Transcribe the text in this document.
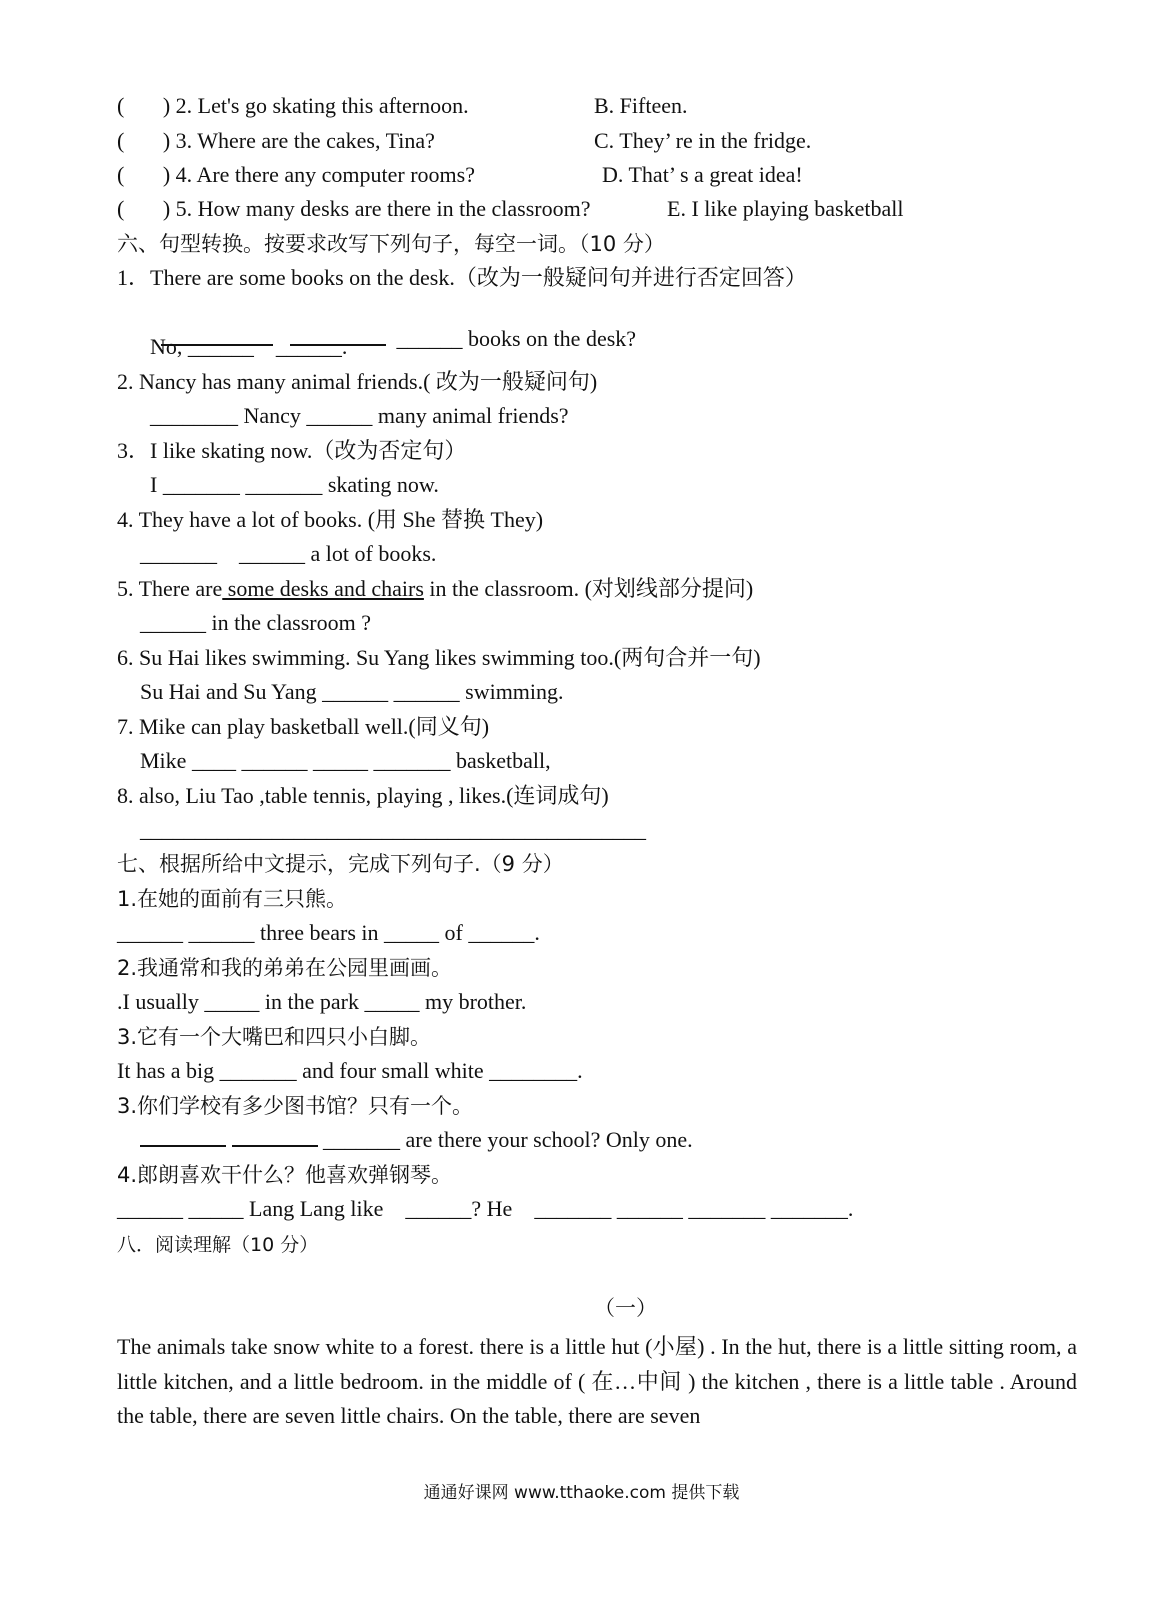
(       ) 2. Let's go skating this afternoon.	B. Fifteen.
(       ) 3. Where are the cakes, Tina?	C. They’ re in the fridge.
(       ) 4. Are there any computer rooms?	D. That’ s a great idea!
(       ) 5. How many desks are there in the classroom?	E. I like playing basketball
六、句型转换。按要求改写下列句子，每空一词。（10 分）
1．There are some books on the desk.（改为一般疑问句并进行否定回答）

______ books on the desk?

No, ______    ______.
2. Nancy has many animal friends.( 改为一般疑问句)
________ Nancy ______ many animal friends?
3．I like skating now.（改为否定句）
I _______ _______ skating now.
4. They have a lot of books. (用 She 替换 They)
_______    ______ a lot of books.
5. There are some desks and chairs in the classroom. (对划线部分提问)
______ in the classroom ?
6. Su Hai likes swimming. Su Yang likes swimming too.(两句合并一句)
Su Hai and Su Yang ______ ______ swimming.
7. Mike can play basketball well.(同义句)
Mike ____ ______ _____ _______ basketball,
8. also, Liu Tao ,table tennis, playing , likes.(连词成句)
______________________________________________
七、根据所给中文提示，完成下列句子.（9 分）
1.在她的面前有三只熊。
______ ______ three bears in _____ of ______.
2.我通常和我的弟弟在公园里画画。
.I usually _____ in the park _____ my brother.
3.它有一个大嘴巴和四只小白脚。
It has a big _______ and four small white ________.
3.你们学校有多少图书馆？只有一个。
_______ are there your school? Only one.
4.郎朗喜欢干什么？他喜欢弹钢琴。
______ _____ Lang Lang like    ______? He    _______ ______ _______ _______.
八．阅读理解（10 分）
（一）
The animals take snow white to a forest. there is a little hut (小屋) . In the hut, there is a little sitting room, a little kitchen, and a little bedroom. in the middle of ( 在…中间 ) the kitchen , there is a little table . Around the table, there are seven little chairs. On the table, there are seven
通通好课网 www.tthaoke.com 提供下载
